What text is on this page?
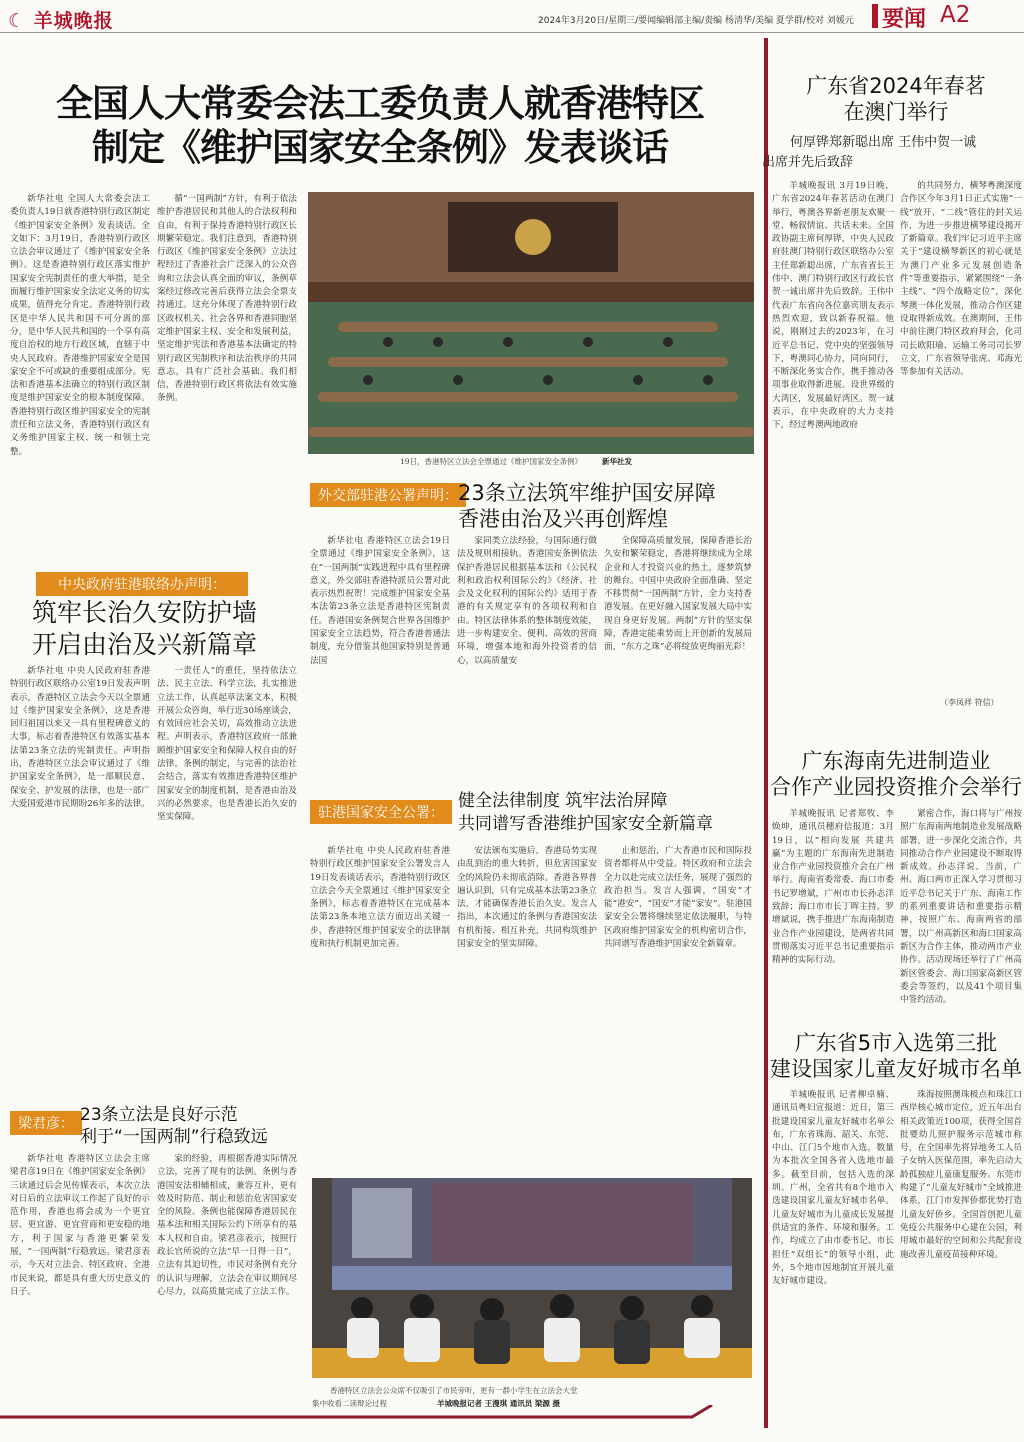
☾ 羊城晚报	2024年3月20日/星期三/要闻编辑部主编/责编 杨清华/美编 夏学群/校对 刘媛元 要闻 A2
全国人大常委会法工委负责人就香港特区
制定《维护国家安全条例》发表谈话
新华社电 全国人大常委会法工委负责人19日就香港特别行政区制定《维护国家安全条例》发表谈话。全文如下：3月19日，香港特别行政区立法会审议通过了《维护国家安全条例》。这是香港特别行政区落实维护国家安全宪制责任的重大举措，是全面履行维护国家安全法定义务的切实成果，值得充分肯定。香港特别行政区是中华人民共和国不可分离的部分，是中华人民共和国的一个享有高度自治权的地方行政区域，直辖于中央人民政府。香港维护国家安全是国家安全不可或缺的重要组成部分。宪法和香港基本法确立的特别行政区制度是维护国家安全的根本制度保障。香港特别行政区维护国家安全的宪制责任和立法义务，香港特别行政区有义务维护国家主权、统一和领土完整。
循“一国两制”方针，有利于依法维护香港居民和其他人的合法权利和自由，有利于保持香港特别行政区长期繁荣稳定。我们注意到，香港特别行政区《维护国家安全条例》立法过程经过了香港社会广泛深入的公众咨询和立法会认真全面的审议，条例草案经过修改完善后获得立法会全票支持通过。这充分体现了香港特别行政区政权机关、社会各界和香港同胞坚定维护国家主权、安全和发展利益，坚定维护宪法和香港基本法确定的特别行政区宪制秩序和法治秩序的共同意志，具有广泛社会基础。我们相信，香港特别行政区将依法有效实施条例。
19日，香港特区立法会全票通过《维护国家安全条例》	新华社发
外交部驻港公署声明： 23条立法筑牢维护国安屏障
香港由治及兴再创辉煌
新华社电 香港特区立法会19日全票通过《维护国家安全条例》，这在“一国两制”实践进程中具有里程碑意义，外交部驻香港特派员公署对此表示热烈祝贺！完成维护国家安全基本法第23条立法是香港特区宪制责任。香港国安条例契合世界各国维护国家安全立法趋势，符合香港普通法制度，充分借鉴其他国家特别是普通法国
家同类立法经验，与国际通行做法及规则相接轨。香港国安条例依法保护香港居民根据基本法和《公民权利和政治权利国际公约》《经济、社会及文化权利的国际公约》适用于香港的有关规定享有的各项权利和自由。特区法律体系的整体制度效能，进一步构建安全、便利、高效的营商环境，增强本地和海外投资者的信心，以高质量安
全保障高质量发展，保障香港长治久安和繁荣稳定，香港将继续成为全球企业和人才投资兴业的热土，逐梦筑梦的舞台。中国中央政府全面准确、坚定不移贯彻“一国两制”方针，全力支持香港发展。在更好融入国家发展大局中实现自身更好发展。两制”方针的坚实保障，香港定能乘势而上开创新的发展局面，“东方之珠”必将绽放更绚丽光彩！
中央政府驻港联络办声明：
筑牢长治久安防护墙
开启由治及兴新篇章
新华社电 中央人民政府驻香港特别行政区联络办公室19日发表声明表示，香港特区立法会今天以全票通过《维护国家安全条例》，这是香港回归祖国以来又一具有里程碑意义的大事，标志着香港特区有效落实基本法第23条立法的宪制责任。声明指出，香港特区立法会审议通过了《维护国家安全条例》，是一部顺民意、保安全、护发展的法律，也是一部广大爱国爱港市民期盼26年多的法律。
一责任人”的重任，坚持依法立法、民主立法、科学立法，扎实推进立法工作，认真起草法案文本，积极开展公众咨询，举行近30场座谈会，有效回应社会关切，高效推动立法进程。声明表示，香港特区政府一部兼顾维护国家安全和保障人权自由的好法律。条例的制定，与完善的法治社会结合，落实有效推进香港特区维护国家安全的制度机制，是香港由治及兴的必然要求，也是香港长治久安的坚实保障。	驻港国家安全公署：
健全法律制度 筑牢法治屏障
共同谱写香港维护国家安全新篇章
新华社电 中央人民政府驻香港特别行政区维护国家安全公署发言人19日发表谈话表示，香港特别行政区立法会今天全票通过《维护国家安全条例》，标志着香港特区在完成基本法第23条本地立法方面迈出关键一步，香港特区维护国家安全的法律制度和执行机制更加完善。
安法颁布实施后，香港局势实现由乱到治的重大转折，但危害国家安全的风险仍未彻底消除。香港各界普遍认识到，只有完成基本法第23条立法，才能确保香港长治久安。发言人指出，本次通过的条例与香港国安法有机衔接、相互补充，共同构筑维护国家安全的坚实屏障。
止和惩治，广大香港市民和国际投资者都将从中受益。特区政府和立法会全力以赴完成立法任务，展现了强烈的政治担当。发言人强调，“国安”才能“港安”，“国安”才能“家安”。驻港国家安全公署将继续坚定依法履职，与特区政府维护国家安全的机构密切合作，共同谱写香港维护国家安全新篇章。
梁君彦： 23条立法是良好示范
利于“一国两制”行稳致远
新华社电 香港特区立法会主席梁君彦19日在《维护国家安全条例》三读通过后会见传媒表示，本次立法对日后的立法审议工作起了良好的示范作用，香港也将会成为一个更宜居、更宜游、更宜营商和更安稳的地方，利于国家与香港更繁荣发展，“一国两制”行稳致远。梁君彦表示，今天对立法会、特区政府、全港市民来说，都是具有重大历史意义的日子。
家的经验，再根据香港实际情况立法，完善了现有的法例。条例与香港国安法相辅相成，兼容互补，更有效及时防范、制止和惩治危害国家安全的风险。条例也能保障香港居民在基本法和相关国际公约下所享有的基本人权和自由。梁君彦表示，按照行政长官所说的立法“早一日得一日”，立法有其迫切性，市民对条例有充分的认识与理解，立法会在审议期间尽心尽力，以高质量完成了立法工作。
香港特区立法会公众席不仅吸引了市民旁听，更有一群小学生在立法会大堂
集中收看二读辩论过程	羊城晚报记者 王漫琪 通讯员 梁源 摄
广东省2024年春茗
在澳门举行
何厚铧郑新聪出席 王伟中贺一诚
出席并先后致辞
羊城晚报讯 3月19日晚，广东省2024年春茗活动在澳门举行，粤澳各界新老朋友欢聚一堂、畅叙情谊、共话未来。全国政协副主席何厚铧，中央人民政府驻澳门特别行政区联络办公室主任郑新聪出席，广东省省长王伟中、澳门特别行政区行政长官贺一诚出席并先后致辞。王伟中代表广东省向各位嘉宾朋友表示热烈欢迎，致以新春祝福。他说，刚刚过去的2023年，在习近平总书记、党中央的坚强领导下，粤澳同心协力，同向同行，不断深化务实合作，携手推动各项事业取得新进展。设世界级的大湾区，发展最好湾区。贺一诚表示，在中央政府的大力支持下，经过粤澳两地政府
的共同努力，横琴粤澳深度合作区今年3月1日正式实施“一线”放开、“二线”管住的封关运作，为进一步推进横琴建设揭开了新篇章。我们牢记习近平主席关于“建设横琴新区的初心就是为澳门产业多元发展创造条件”等重要指示，紧紧围绕“一条主线”、“四个战略定位”，深化琴澳一体化发展，推动合作区建设取得新成效。在澳期间，王伟中前往澳门特区政府拜会，化司司长欧阳瑜、运输工务司司长罗立文，广东省领导张虎、邓海光等参加有关活动。
（李凤祥 符信）
广东海南先进制造业
合作产业园投资推介会举行
羊城晚报讯 记者郑牧、李焕坤，通讯员穗府信报道：3月19日，以“相向发展 共建共赢”为主题的广东海南先进制造业合作产业园投资推介会在广州举行。海南省委常委、海口市委书记罗增斌，广州市市长孙志洋致辞；海口市市长丁晖主持。罗增斌说，携手推进广东海南制造业合作产业园建设，是两省共同贯彻落实习近平总书记重要指示精神的实际行动。
紧密合作，海口将与广州按照广东海南两地制造业发展战略部署，进一步深化交流合作，共同推动合作产业园建设不断取得新成效。孙志洋说，当前，广州、海口两市正深入学习贯彻习近平总书记关于广东、海南工作的系列重要讲话和重要指示精神，按照广东、海南两省的部署，以广州高新区和海口国家高新区为合作主体，推动两市产业协作。活动现场还举行了广州高新区管委会、海口国家高新区管委会等签约，以及41个项目集中签约活动。
广东省5市入选第三批
建设国家儿童友好城市名单
羊城晚报讯 记者柳卓楠、通讯员粤妇宣报道：近日，第三批建设国家儿童友好城市名单公布，广东省珠海、韶关、东莞、中山、江门5个地市入选，数量为本批次全国各省入选地市最多。截至目前，包括入选的深圳、广州，全省共有8个地市入选建设国家儿童友好城市名单。儿童友好城市为儿童成长发展提供适宜的条件、环境和服务。工作，均成立了由市委书记、市长担任“双组长”的领导小组，此外，5个地市因地制宜开展儿童友好城市建设。
珠海按照澳珠极点和珠江口西岸核心城市定位，近五年出台相关政策近100项，获得全国首批婴幼儿照护服务示范城市称号，在全国率先将异地务工人员子女纳入医保范围，率先启动大龄孤独症儿童康复服务。东莞市构建了“儿童友好城市”全域推进体系，江门市发挥侨都优势打造儿童友好侨乡。全国首创把儿童免疫公共服务中心建在公园，利用城市最好的空间和公共配套设施改善儿童疫苗接种环境。
